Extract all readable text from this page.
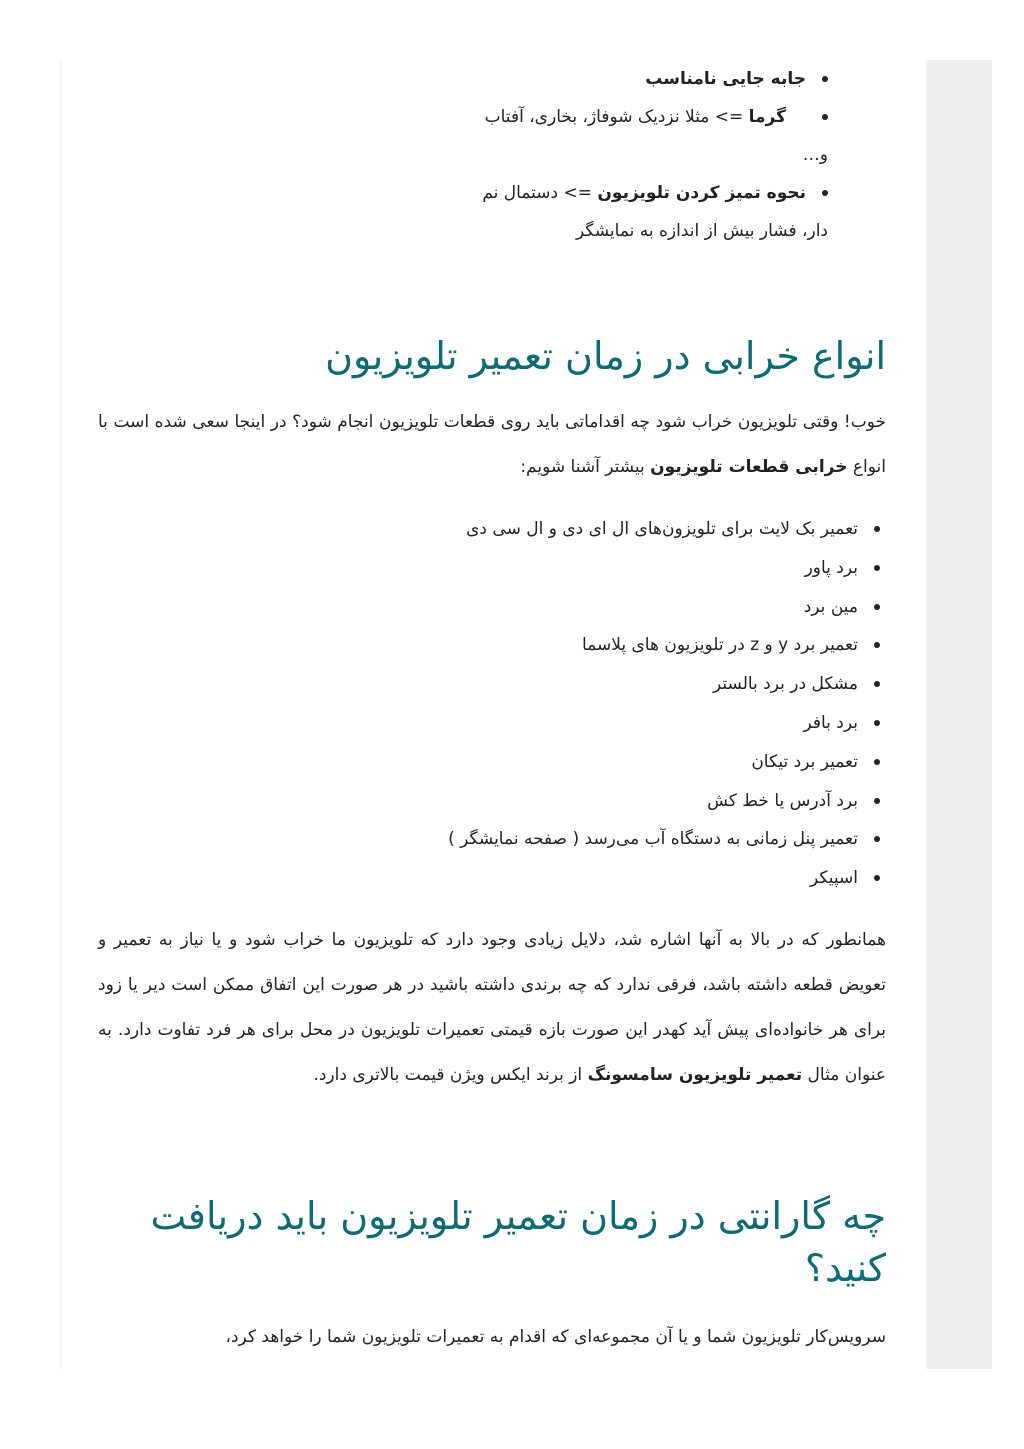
جابه جایی نامناسب
گرما => مثلا نزدیک شوفاژ، بخاری، آفتاب
و…
نحوه تمیز کردن تلویزیون => دستمال نم
دار، فشار بیش از اندازه به نمایشگر
انواع خرابی در زمان تعمیر تلویزیون

خوب! وقتی تلویزیون خراب شود چه اقداماتی باید روی قطعات تلویزیون انجام شود؟ در اینجا سعی شده است با انواع خرابی قطعات تلویزیون بیشتر آشنا شویم:

تعمیر بک لایت برای تلویزون‌های ال ای دی و ال سی دی
برد پاور
مین برد
تعمیر برد y و z در تلویزیون های پلاسما
مشکل در برد بالستر
برد بافر
تعمیر برد تیکان
برد آدرس یا خط کش
تعمیر پنل زمانی به دستگاه آب می‌رسد ( صفحه نمایشگر )
اسپیکر

همانطور که در بالا به آنها اشاره شد، دلایل زیادی وجود دارد که تلویزیون ما خراب شود و یا نیاز به تعمیر و تعویض قطعه داشته باشد، فرقی ندارد که چه برندی داشته باشید در هر صورت این اتفاق ممکن است دیر یا زود برای هر خانواده‌ای پیش آید کهدر این صورت بازه قیمتی تعمیرات تلویزیون در محل برای هر فرد تفاوت دارد. به عنوان مثال تعمیر تلویزیون سامسونگ از برند ایکس ویژن قیمت بالاتری دارد.

چه گارانتی در زمان تعمیر تلویزیون باید دریافت کنید؟

سرویس‌کار تلویزیون شما و یا آن مجموعه‌ای که اقدام به تعمیرات تلویزیون شما را خواهد کرد،
